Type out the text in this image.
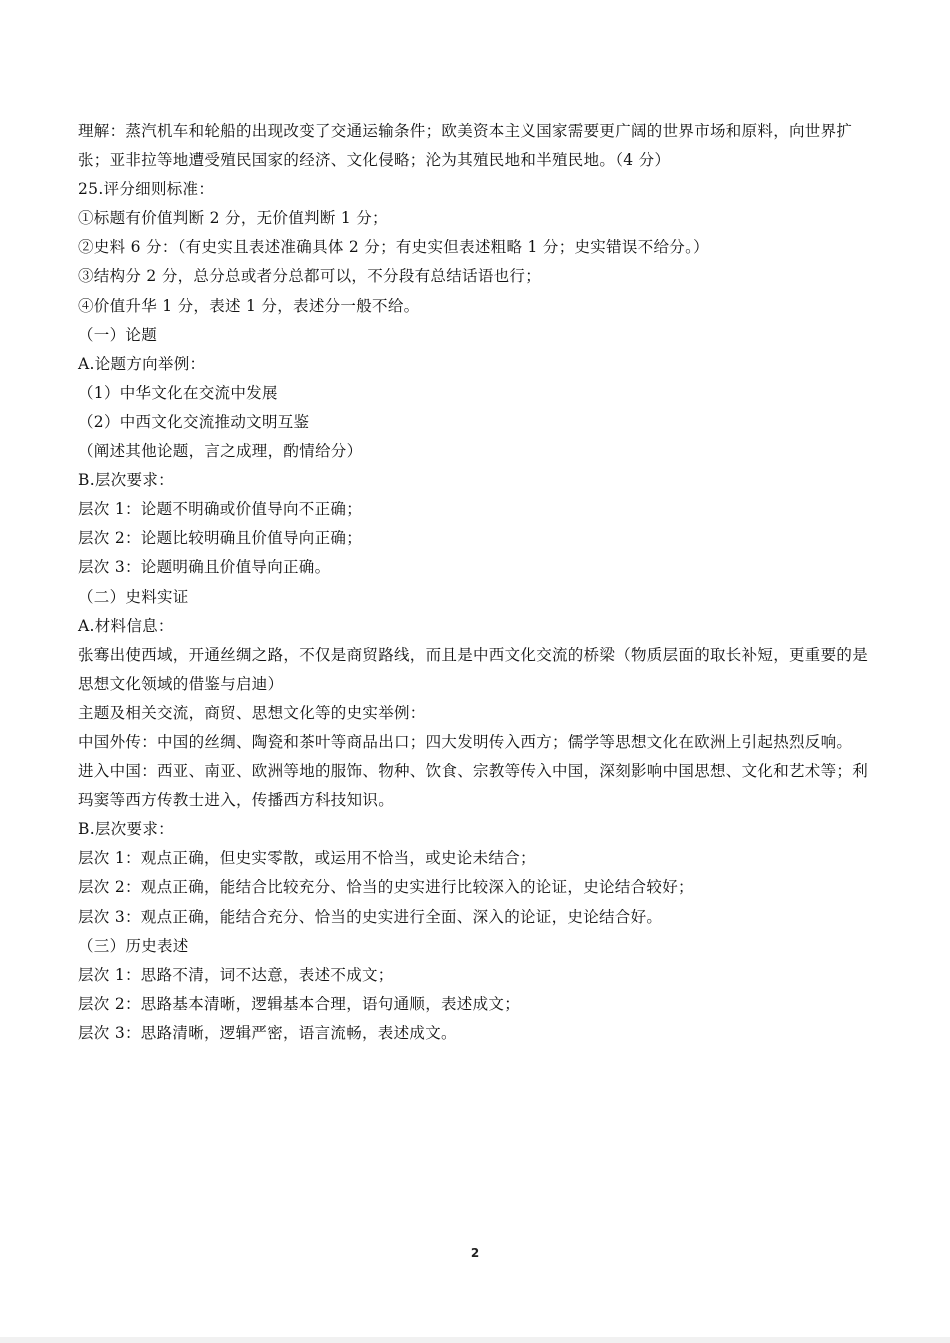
理解：蒸汽机车和轮船的出现改变了交通运输条件；欧美资本主义国家需要更广阔的世界市场和原料，向世界扩张；亚非拉等地遭受殖民国家的经济、文化侵略；沦为其殖民地和半殖民地。（4 分）

25.评分细则标准：

①标题有价值判断 2 分，无价值判断 1 分；

②史料 6 分：（有史实且表述准确具体 2 分；有史实但表述粗略 1 分；史实错误不给分。）

③结构分 2 分，总分总或者分总都可以，不分段有总结话语也行；

④价值升华 1 分，表述 1 分，表述分一般不给。

（一）论题

A.论题方向举例：

（1）中华文化在交流中发展

（2）中西文化交流推动文明互鉴

（阐述其他论题，言之成理，酌情给分）

B.层次要求：

层次 1：论题不明确或价值导向不正确；

层次 2：论题比较明确且价值导向正确；

层次 3：论题明确且价值导向正确。

（二）史料实证

A.材料信息：

张骞出使西域，开通丝绸之路，不仅是商贸路线，而且是中西文化交流的桥梁（物质层面的取长补短，更重要的是思想文化领域的借鉴与启迪）

主题及相关交流，商贸、思想文化等的史实举例：

中国外传：中国的丝绸、陶瓷和茶叶等商品出口；四大发明传入西方；儒学等思想文化在欧洲上引起热烈反响。

进入中国：西亚、南亚、欧洲等地的服饰、物种、饮食、宗教等传入中国，深刻影响中国思想、文化和艺术等；利玛窦等西方传教士进入，传播西方科技知识。

B.层次要求：

层次 1：观点正确，但史实零散，或运用不恰当，或史论未结合；

层次 2：观点正确，能结合比较充分、恰当的史实进行比较深入的论证，史论结合较好；

层次 3：观点正确，能结合充分、恰当的史实进行全面、深入的论证，史论结合好。

（三）历史表述

层次 1：思路不清，词不达意，表述不成文；

层次 2：思路基本清晰，逻辑基本合理，语句通顺，表述成文；

层次 3：思路清晰，逻辑严密，语言流畅，表述成文。

2
